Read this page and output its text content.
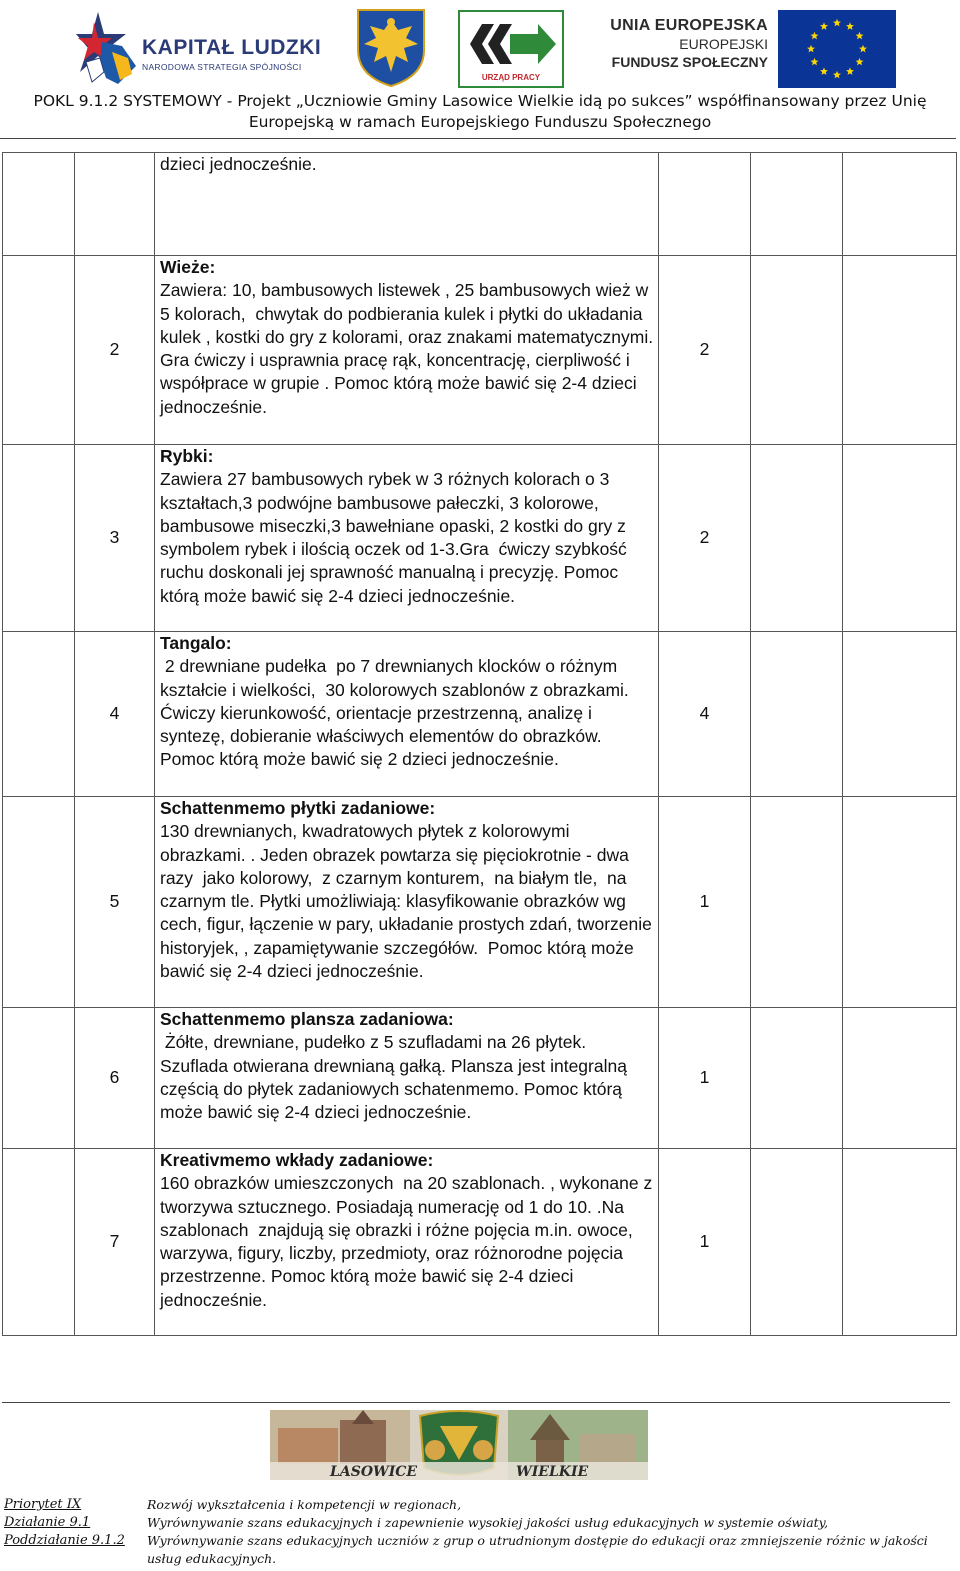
KAPITAŁ LUDZKI
NARODOWA STRATEGIA SPÓJNOŚCI
URZĄD PRACY
UNIA EUROPEJSKA
EUROPEJSKI
FUNDUSZ SPOŁECZNY
POKL 9.1.2 SYSTEMOWY - Projekt „Uczniowie Gminy Lasowice Wielkie idą po sukces” współfinansowany przez Unię
Europejską w ramach Europejskiego Funduszu Społecznego

		dzieci jednocześnie.			

	2	Wieże:
Zawiera: 10, bambusowych listewek , 25 bambusowych wież w 5 kolorach,  chwytak do podbierania kulek i płytki do układania kulek , kostki do gry z kolorami, oraz znakami matematycznymi. Gra ćwiczy i usprawnia pracę rąk, koncentrację, cierpliwość i współprace w grupie . Pomoc którą może bawić się 2-4 dzieci jednocześnie.	2		
	3	Rybki:
Zawiera 27 bambusowych rybek w 3 różnych kolorach o 3 kształtach,3 podwójne bambusowe pałeczki, 3 kolorowe, bambusowe miseczki,3 bawełniane opaski, 2 kostki do gry z symbolem rybek i ilością oczek od 1-3.Gra  ćwiczy szybkość ruchu doskonali jej sprawność manualną i precyzję. Pomoc którą może bawić się 2-4 dzieci jednocześnie.	2		
	4	Tangalo:
2 drewniane pudełka  po 7 drewnianych klocków o różnym kształcie i wielkości,  30 kolorowych szablonów z obrazkami.  Ćwiczy kierunkowość, orientacje przestrzenną, analizę i syntezę, dobieranie właściwych elementów do obrazków. Pomoc którą może bawić się 2 dzieci jednocześnie.	4		
	5	Schattenmemo płytki zadaniowe:
130 drewnianych, kwadratowych płytek z kolorowymi obrazkami. . Jeden obrazek powtarza się pięciokrotnie - dwa razy  jako kolorowy,  z czarnym konturem,  na białym tle,  na czarnym tle. Płytki umożliwiają: klasyfikowanie obrazków wg cech, figur, łączenie w pary, układanie prostych zdań, tworzenie historyjek, , zapamiętywanie szczegółów.  Pomoc którą może bawić się 2-4 dzieci jednocześnie.	1		
	6	Schattenmemo plansza zadaniowa:
Żółte, drewniane, pudełko z 5 szufladami na 26 płytek.  Szuflada otwierana drewnianą gałką. Plansza jest integralną częścią do płytek zadaniowych schatenmemo. Pomoc którą może bawić się 2-4 dzieci jednocześnie.	1		
	7	Kreativmemo wkłady zadaniowe:
160 obrazków umieszczonych  na 20 szablonach. , wykonane z tworzywa sztucznego. Posiadają numerację od 1 do 10. .Na szablonach  znajdują się obrazki i różne pojęcia m.in. owoce, warzywa, figury, liczby, przedmioty, oraz różnorodne pojęcia przestrzenne. Pomoc którą może bawić się 2-4 dzieci jednocześnie.	1		
LASOWICE	WIELKIE
Priorytet IX
Działanie 9.1
Poddziałanie 9.1.2
Rozwój wykształcenia i kompetencji w regionach,
Wyrównywanie szans edukacyjnych i zapewnienie wysokiej jakości usług edukacyjnych w systemie oświaty,
Wyrównywanie szans edukacyjnych uczniów z grup o utrudnionym dostępie do edukacji oraz zmniejszenie różnic w jakości usług edukacyjnych.
